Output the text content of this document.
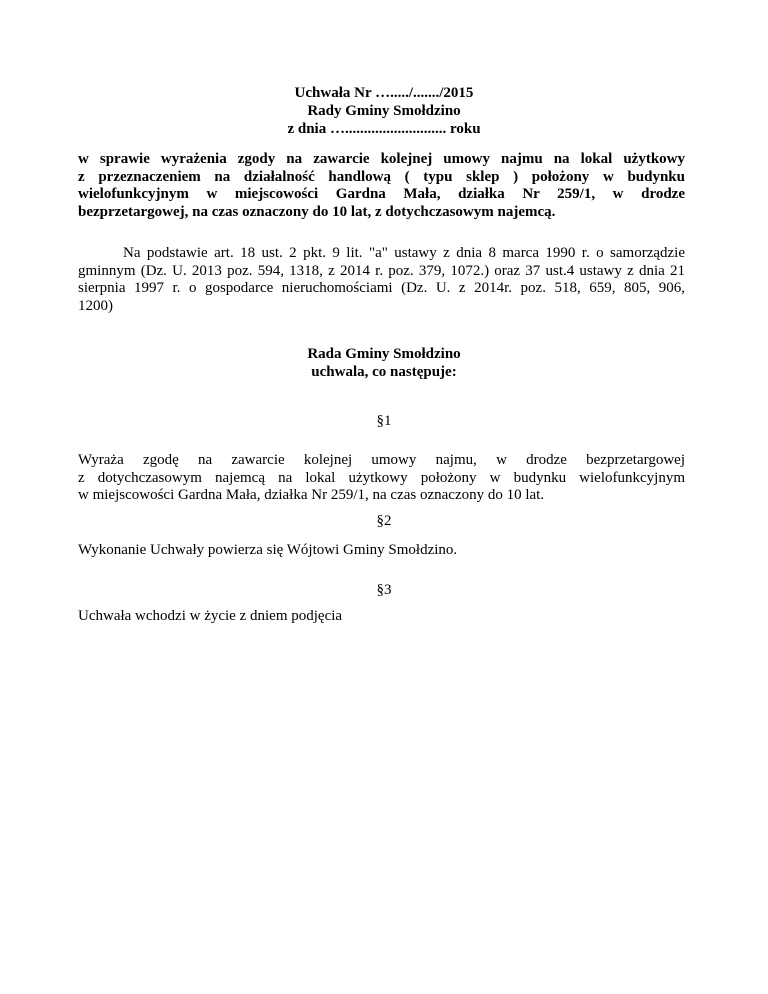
Uchwała Nr …...../......./2015
Rady Gminy Smołdzino
z dnia …........................... roku
w sprawie wyrażenia zgody na zawarcie kolejnej umowy najmu na lokal użytkowy
z przeznaczeniem na działalność handlową ( typu sklep ) położony w budynku
wielofunkcyjnym w miejscowości Gardna Mała, działka Nr 259/1, w drodze
bezprzetargowej, na czas oznaczony do 10 lat, z dotychczasowym najemcą.
Na podstawie art. 18 ust. 2 pkt. 9 lit. "a" ustawy z dnia 8 marca 1990 r. o samorządzie
gminnym (Dz. U. 2013 poz. 594, 1318, z 2014 r. poz. 379, 1072.) oraz 37 ust.4 ustawy z dnia 21
sierpnia 1997 r. o gospodarce nieruchomościami (Dz. U. z 2014r. poz. 518, 659, 805, 906,
1200)
Rada Gminy Smołdzino
uchwala, co następuje:
§1
Wyraża zgodę na zawarcie kolejnej umowy najmu, w drodze bezprzetargowej
z dotychczasowym najemcą na lokal użytkowy położony w budynku wielofunkcyjnym
w miejscowości Gardna Mała, działka Nr 259/1, na czas oznaczony do 10 lat.
§2
Wykonanie Uchwały powierza się Wójtowi Gminy Smołdzino.
§3
Uchwała wchodzi w życie z dniem podjęcia
